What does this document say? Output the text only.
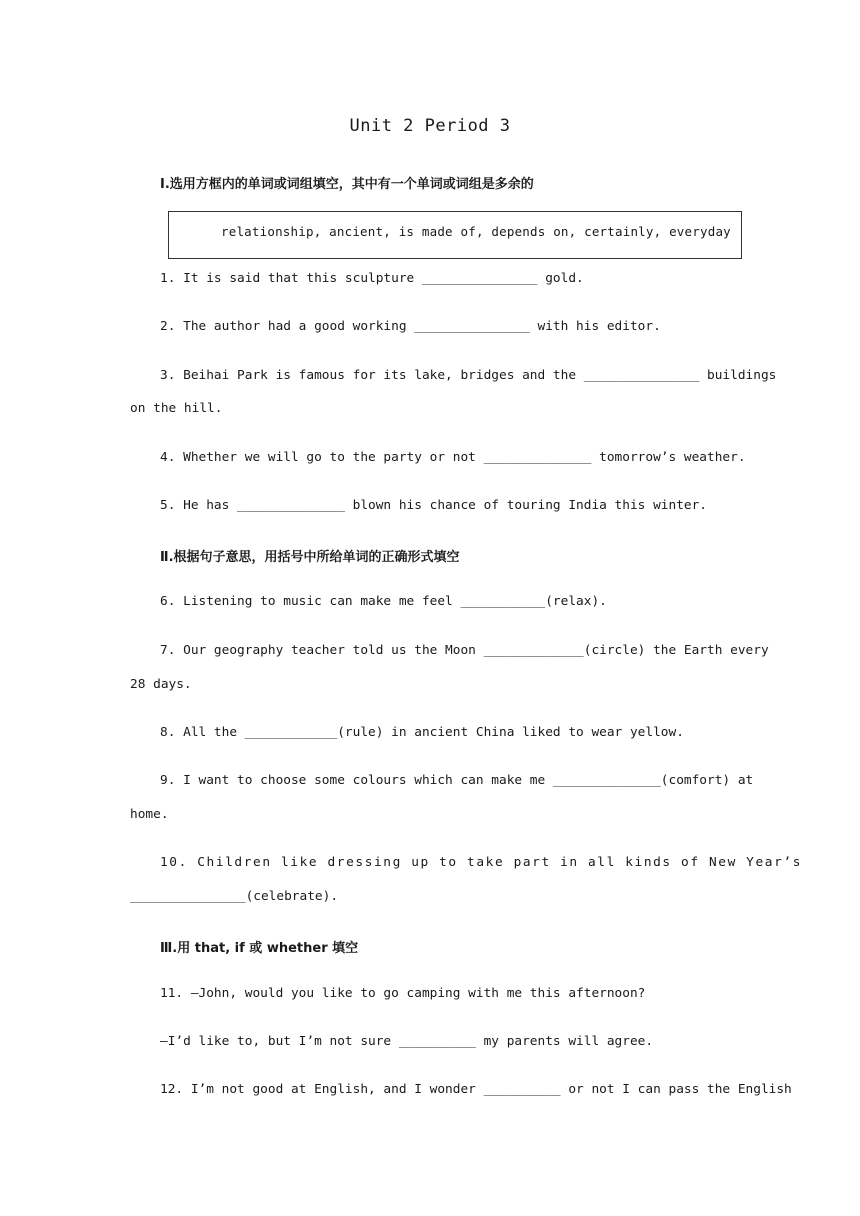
Unit 2 Period 3
Ⅰ.选用方框内的单词或词组填空，其中有一个单词或词组是多余的
relationship, ancient, is made of, depends on, certainly, everyday
1. It is said that this sculpture _______________ gold.
2. The author had a good working _______________ with his editor.
3. Beihai Park is famous for its lake, bridges and the _______________ buildings
on the hill.
4. Whether we will go to the party or not ______________ tomorrow’s weather.
5. He has ______________ blown his chance of touring India this winter.
Ⅱ.根据句子意思，用括号中所给单词的正确形式填空
6. Listening to music can make me feel ___________(relax).
7. Our geography teacher told us the Moon _____________(circle) the Earth every
28 days.
8. All the ____________(rule) in ancient China liked to wear yellow.
9. I want to choose some colours which can make me ______________(comfort) at
home.
10. Children like dressing up to take part in all kinds of New Year’s
_______________(celebrate).
Ⅲ.用 that, if 或 whether 填空
11. —John, would you like to go camping with me this afternoon?
—I’d like to, but I’m not sure __________ my parents will agree.
12. I’m not good at English, and I wonder __________ or not I can pass the English
